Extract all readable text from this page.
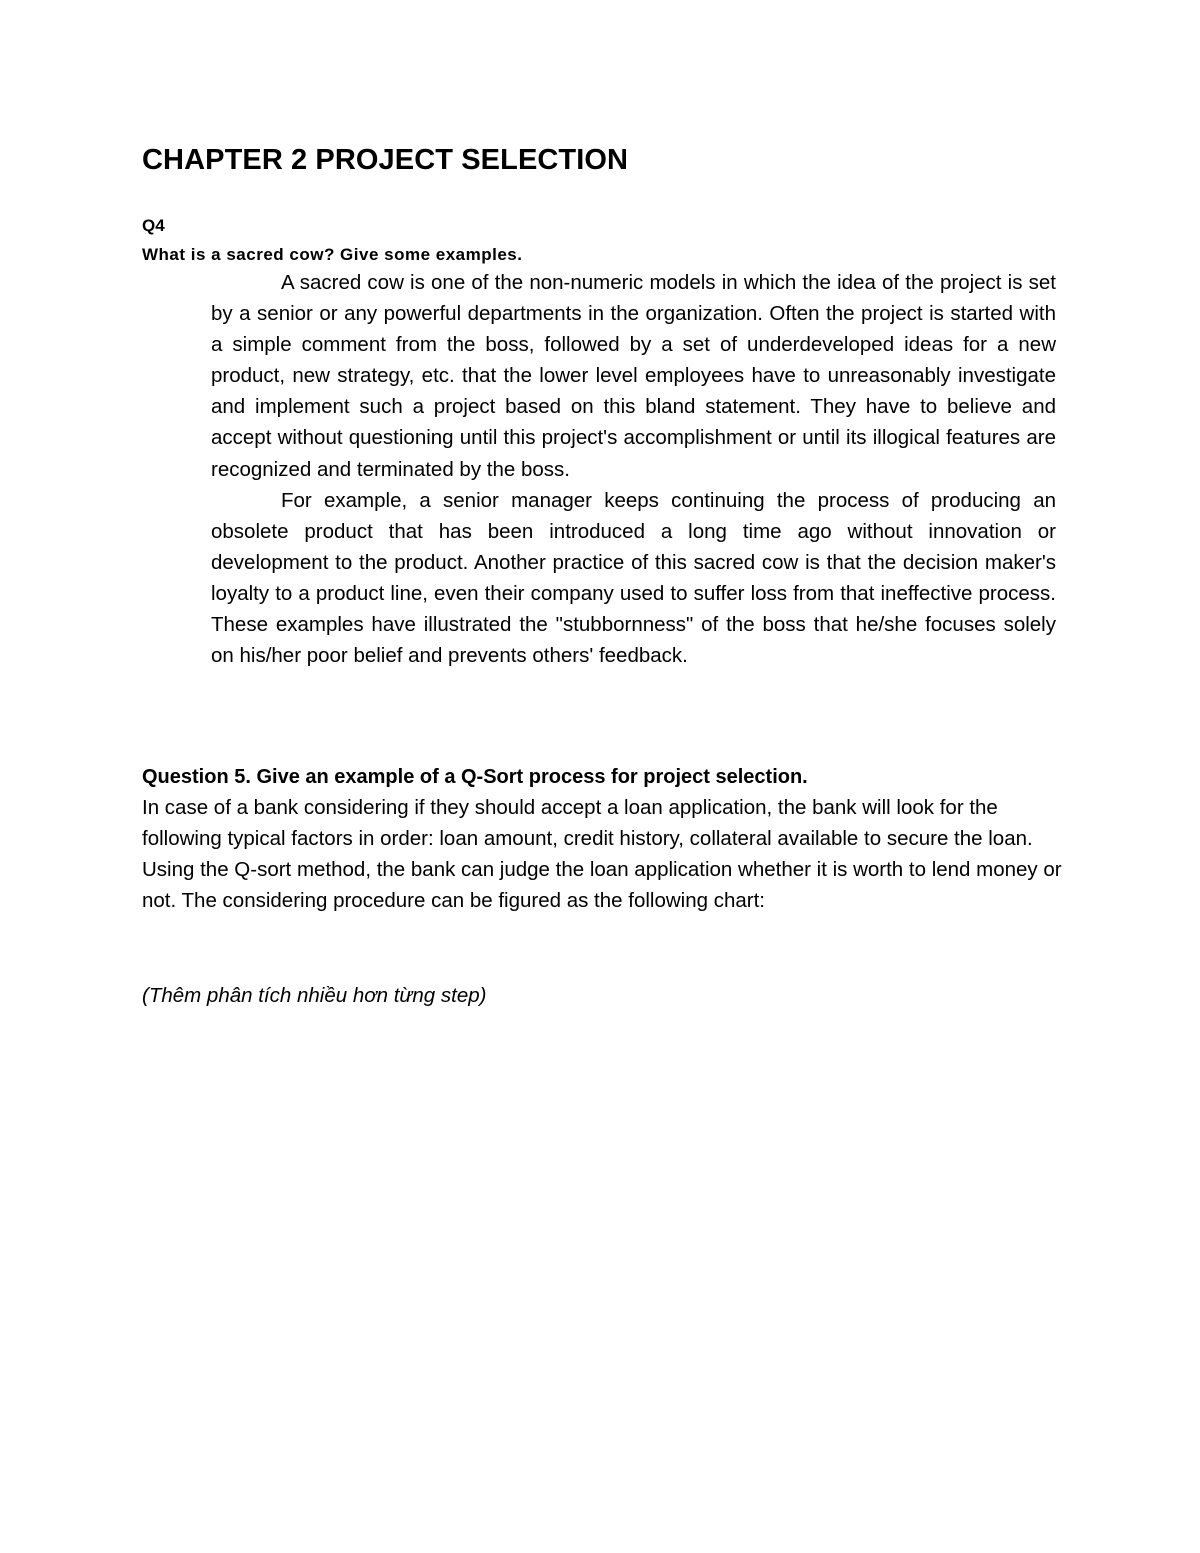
CHAPTER 2 PROJECT SELECTION
Q4
What is a sacred cow? Give some examples.

A sacred cow is one of the non-numeric models in which the idea of the project is set by a senior or any powerful departments in the organization. Often the project is started with a simple comment from the boss, followed by a set of underdeveloped ideas for a new product, new strategy, etc. that the lower level employees have to unreasonably investigate and implement such a project based on this bland statement. They have to believe and accept without questioning until this project's accomplishment or until its illogical features are recognized and terminated by the boss.

For example, a senior manager keeps continuing the process of producing an obsolete product that has been introduced a long time ago without innovation or development to the product. Another practice of this sacred cow is that the decision maker's loyalty to a product line, even their company used to suffer loss from that ineffective process. These examples have illustrated the "stubbornness" of the boss that he/she focuses solely on his/her poor belief and prevents others' feedback.

Question 5. Give an example of a Q-Sort process for project selection.

In case of a bank considering if they should accept a loan application, the bank will look for the following typical factors in order: loan amount, credit history, collateral available to secure the loan. Using the Q-sort method, the bank can judge the loan application whether it is worth to lend money or not. The considering procedure can be figured as the following chart:

(Thêm phân tích nhiều hơn từng step)
